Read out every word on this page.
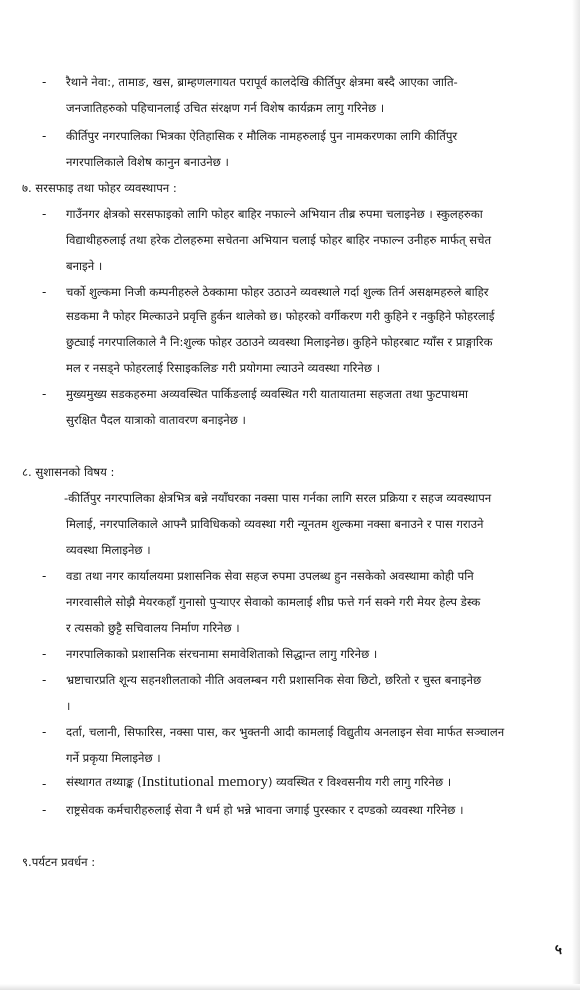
- रैथाने नेवा:, तामाङ, खस, ब्राम्हणलगायत परापूर्व कालदेखि कीर्तिपुर क्षेत्रमा बस्दै आएका जाति-
जनजातिहरुको पहिचानलाई उचित संरक्षण गर्न विशेष कार्यक्रम लागु गरिनेछ ।
- कीर्तिपुर नगरपालिका भित्रका ऐतिहासिक र मौलिक नामहरुलाई पुन नामकरणका लागि कीर्तिपुर
नगरपालिकाले विशेष कानुन बनाउनेछ ।
७. सरसफाइ तथा फोहर व्यवस्थापन :
- गाउँनगर क्षेत्रको सरसफाइको लागि फोहर बाहिर नफाल्ने अभियान तीब्र रुपमा चलाइनेछ । स्कुलहरुका
विद्याथीहरुलाई तथा हरेक टोलहरुमा सचेतना अभियान चलाई फोहर बाहिर नफाल्न उनीहरु मार्फत् सचेत
बनाइने ।
- चर्को शुल्कमा निजी कम्पनीहरुले ठेक्कामा फोहर उठाउने व्यवस्थाले गर्दा शुल्क तिर्न असक्षमहरुले बाहिर
सडकमा नै फोहर मिल्काउने प्रवृत्ति हुर्कन थालेको छ। फोहरको वर्गीकरण गरी कुहिने र नकुहिने फोहरलाई
छुट्याई नगरपालिकाले नै नि:शुल्क फोहर उठाउने व्यवस्था मिलाइनेछ। कुहिने फोहरबाट ग्याँस र प्राङ्गारिक
मल र नसड्ने फोहरलाई रिसाइकलिङ गरी प्रयोगमा ल्याउने व्यवस्था गरिनेछ ।
- मुख्यमुख्य सडकहरुमा अव्यवस्थित पार्किङलाई व्यवस्थित गरी यातायातमा सहजता तथा फुटपाथमा
सुरक्षित पैदल यात्राको वातावरण बनाइनेछ ।
८. सुशासनको विषय :
-कीर्तिपुर नगरपालिका क्षेत्रभित्र बन्ने नयाँघरका नक्सा पास गर्नका लागि सरल प्रक्रिया र सहज व्यवस्थापन
मिलाई, नगरपालिकाले आफ्नै प्राविधिकको व्यवस्था गरी न्यूनतम शुल्कमा नक्सा बनाउने र पास गराउने
व्यवस्था मिलाइनेछ ।
- वडा तथा नगर कार्यालयमा प्रशासनिक सेवा सहज रुपमा उपलब्ध हुन नसकेको अवस्थामा कोही पनि
नगरवासीले सोझै मेयरकहाँ गुनासो पुऱ्याएर सेवाको कामलाई शीघ्र फत्ते गर्न सक्ने गरी मेयर हेल्प डेस्क
र त्यसको छुट्टै सचिवालय निर्माण गरिनेछ ।
- नगरपालिकाको प्रशासनिक संरचनामा समावेशिताको सिद्धान्त लागु गरिनेछ ।
- भ्रष्टाचारप्रति शून्य सहनशीलताको नीति अवलम्बन गरी प्रशासनिक सेवा छिटो, छरितो र चुस्त बनाइनेछ
।
- दर्ता, चलानी, सिफारिस, नक्सा पास, कर भुक्तनी आदी कामलाई विद्युतीय अनलाइन सेवा मार्फत सञ्चालन
गर्ने प्रकृया मिलाइनेछ ।
- संस्थागत तथ्याङ्क (Institutional memory) व्यवस्थित र विश्वसनीय गरी लागु गरिनेछ ।
- राष्ट्रसेवक कर्मचारीहरुलाई सेवा नै धर्म हो भन्ने भावना जगाई पुरस्कार र दण्डको व्यवस्था गरिनेछ ।
९.पर्यटन प्रवर्धन :
५
